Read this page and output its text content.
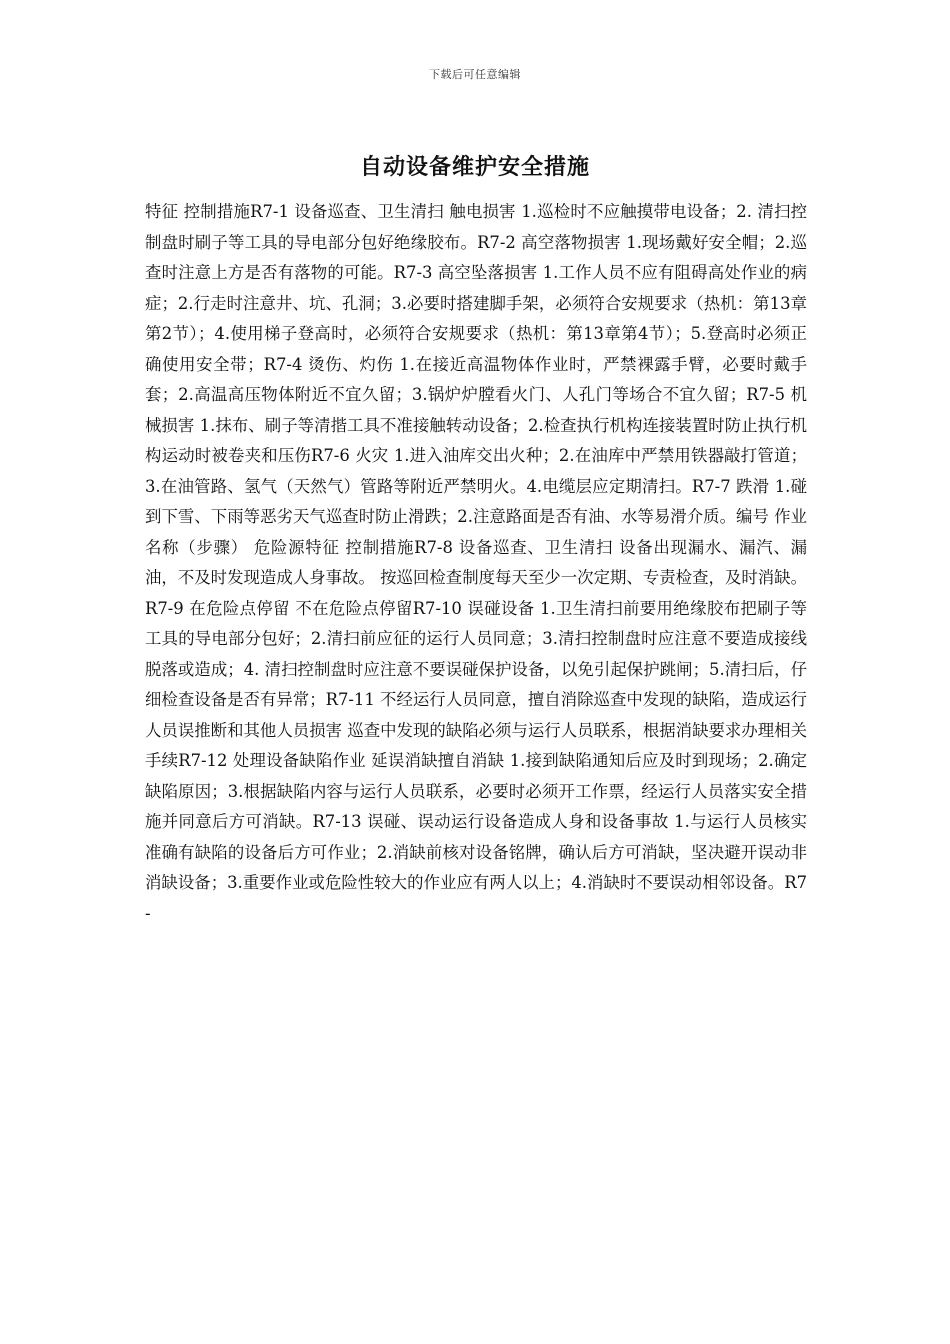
下载后可任意编辑
自动设备维护安全措施

特征 控制措施R7-1 设备巡查、卫生清扫 触电损害 1.巡检时不应触摸带电设备；2. 清扫控制盘时刷子等工具的导电部分包好绝缘胶布。R7-2 高空落物损害 1.现场戴好安全帽；2.巡查时注意上方是否有落物的可能。R7-3 高空坠落损害 1.工作人员不应有阻碍高处作业的病症；2.行走时注意井、坑、孔洞；3.必要时搭建脚手架，必须符合安规要求（热机：第13章第2节）；4.使用梯子登高时，必须符合安规要求（热机：第13章第4节）；5.登高时必须正确使用安全带；R7-4 烫伤、灼伤 1.在接近高温物体作业时，严禁裸露手臂，必要时戴手套；2.高温高压物体附近不宜久留；3.锅炉炉膛看火门、人孔门等场合不宜久留；R7-5 机械损害 1.抹布、刷子等清揩工具不准接触转动设备；2.检查执行机构连接装置时防止执行机构运动时被卷夹和压伤R7-6 火灾 1.进入油库交出火种；2.在油库中严禁用铁器敲打管道；3.在油管路、氢气（天然气）管路等附近严禁明火。4.电缆层应定期清扫。R7-7 跌滑 1.碰到下雪、下雨等恶劣天气巡查时防止滑跌；2.注意路面是否有油、水等易滑介质。编号 作业名称（步骤） 危险源特征 控制措施R7-8 设备巡查、卫生清扫 设备出现漏水、漏汽、漏油，不及时发现造成人身事故。 按巡回检查制度每天至少一次定期、专责检查，及时消缺。R7-9 在危险点停留 不在危险点停留R7-10 误碰设备 1.卫生清扫前要用绝缘胶布把刷子等工具的导电部分包好；2.清扫前应征的运行人员同意；3.清扫控制盘时应注意不要造成接线脱落或造成；4. 清扫控制盘时应注意不要误碰保护设备，以免引起保护跳闸；5.清扫后，仔细检查设备是否有异常；R7-11 不经运行人员同意，擅自消除巡查中发现的缺陷，造成运行人员误推断和其他人员损害 巡查中发现的缺陷必须与运行人员联系，根据消缺要求办理相关手续R7-12 处理设备缺陷作业 延误消缺擅自消缺 1.接到缺陷通知后应及时到现场；2.确定缺陷原因；3.根据缺陷内容与运行人员联系，必要时必须开工作票，经运行人员落实安全措施并同意后方可消缺。R7-13 误碰、误动运行设备造成人身和设备事故 1.与运行人员核实准确有缺陷的设备后方可作业；2.消缺前核对设备铭牌，确认后方可消缺，坚决避开误动非消缺设备；3.重要作业或危险性较大的作业应有两人以上；4.消缺时不要误动相邻设备。R7-
